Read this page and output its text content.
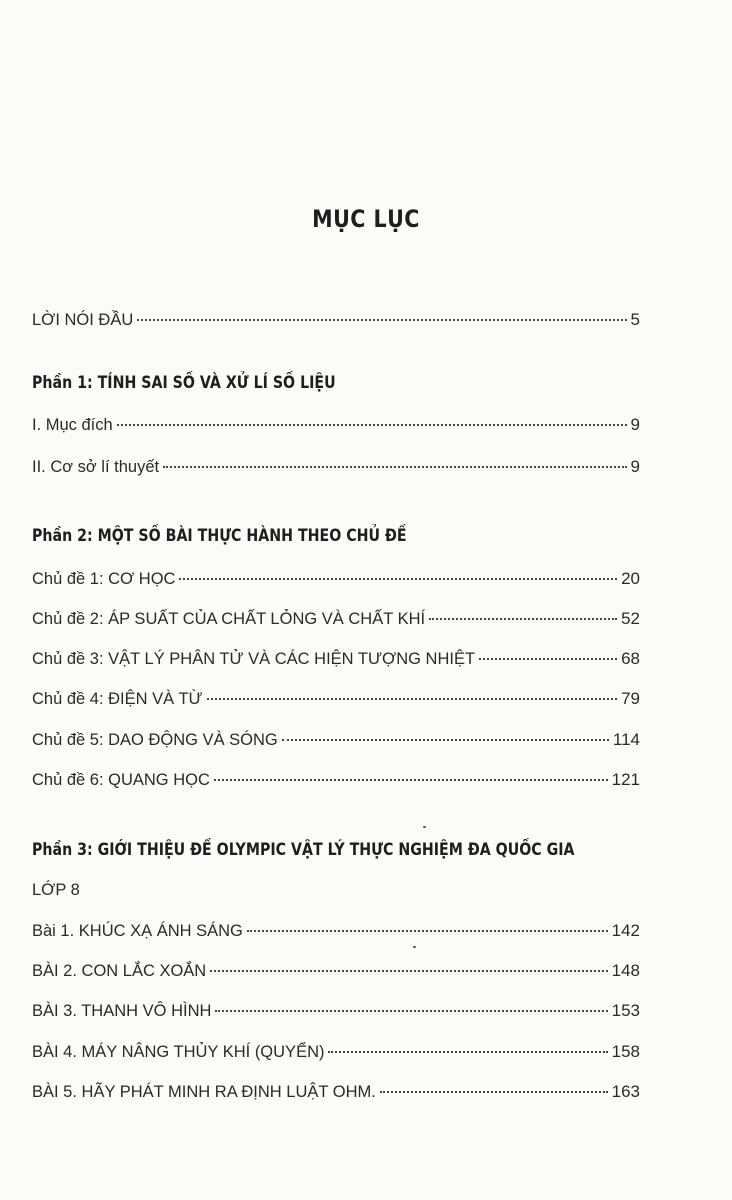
MỤC LỤC
LỜI NÓI ĐẦU	5
Phần 1: TÍNH SAI SỐ VÀ XỬ LÍ SỐ LIỆU
I. Mục đích	9
II. Cơ sở lí thuyết	9
Phần 2: MỘT SỐ BÀI THỰC HÀNH THEO CHỦ ĐỀ
Chủ đề 1: CƠ HỌC	20
Chủ đề 2: ÁP SUẤT CỦA CHẤT LỎNG VÀ CHẤT KHÍ	52
Chủ đề 3: VẬT LÝ PHÂN TỬ VÀ CÁC HIỆN TƯỢNG NHIỆT	68
Chủ đề 4: ĐIỆN VÀ TỪ	79
Chủ đề 5: DAO ĐỘNG VÀ SÓNG	114
Chủ đề 6: QUANG HỌC	121
Phần 3: GIỚI THIỆU ĐỀ OLYMPIC VẬT LÝ THỰC NGHIỆM ĐA QUỐC GIA
LỚP 8
Bài 1. KHÚC XẠ ÁNH SÁNG	142
BÀI 2. CON LẮC XOẮN	148
BÀI 3. THANH VÔ HÌNH	153
BÀI 4. MÁY NÂNG THỦY KHÍ (QUYỂN)	158
BÀI 5. HÃY PHÁT MINH RA ĐỊNH LUẬT OHM.	163
